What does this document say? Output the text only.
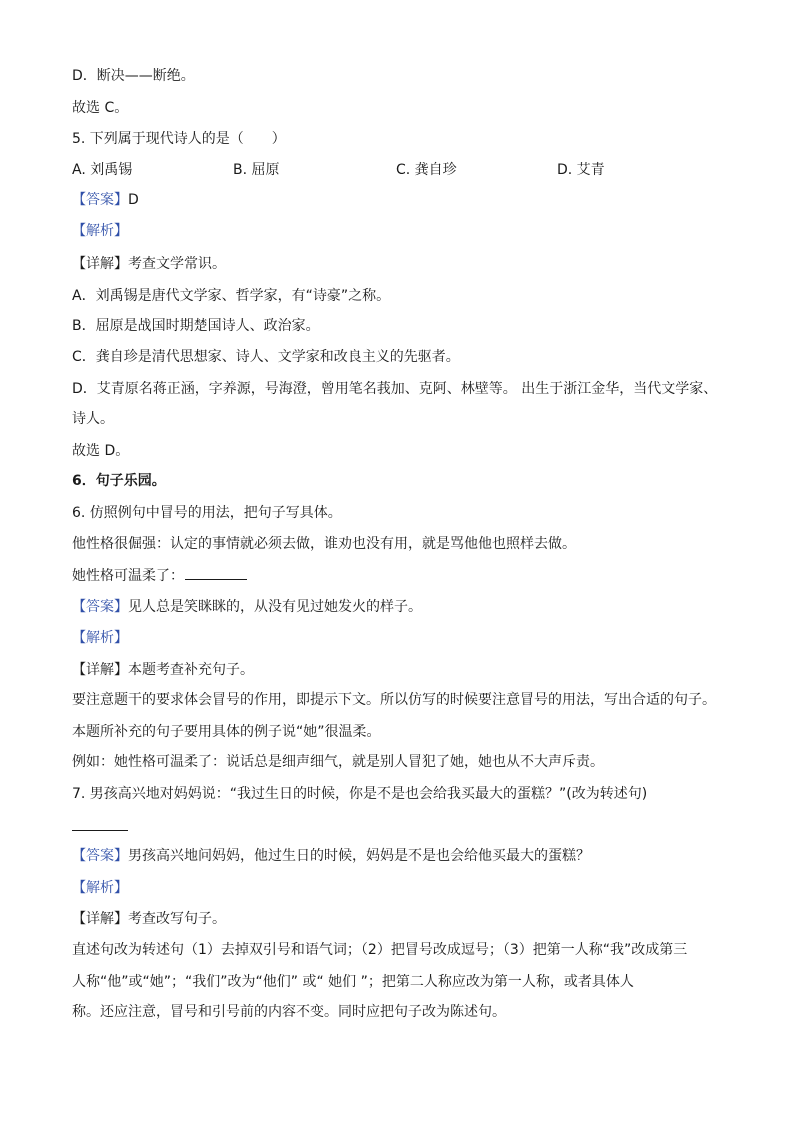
D．断决——断绝。
故选 C。
5. 下列属于现代诗人的是（　　）
A. 刘禹锡	B. 屈原	C. 龚自珍	D. 艾青
【答案】D
【解析】
【详解】考查文学常识。
A．刘禹锡是唐代文学家、哲学家，有“诗豪”之称。
B．屈原是战国时期楚国诗人、政治家。
C．龚自珍是清代思想家、诗人、文学家和改良主义的先驱者。
D．艾青原名蒋正涵，字养源，号海澄，曾用笔名莪加、克阿、林壁等。 出生于浙江金华，当代文学家、
诗人。
故选 D。
6．句子乐园。
6. 仿照例句中冒号的用法，把句子写具体。
他性格很倔强：认定的事情就必须去做，谁劝也没有用，就是骂他他也照样去做。
她性格可温柔了：
【答案】见人总是笑眯眯的，从没有见过她发火的样子。
【解析】
【详解】本题考查补充句子。
要注意题干的要求体会冒号的作用，即提示下文。所以仿写的时候要注意冒号的用法，写出合适的句子。
本题所补充的句子要用具体的例子说“她”很温柔。
例如：她性格可温柔了：说话总是细声细气，就是别人冒犯了她，她也从不大声斥责。
7. 男孩高兴地对妈妈说：“我过生日的时候，你是不是也会给我买最大的蛋糕？”(改为转述句)
【答案】男孩高兴地问妈妈，他过生日的时候，妈妈是不是也会给他买最大的蛋糕？
【解析】
【详解】考查改写句子。
直述句改为转述句（1）去掉双引号和语气词；（2）把冒号改成逗号；（3）把第一人称“我”改成第三
人称“他”或“她”；“我们”改为“他们” 或“ 她们 ”；把第二人称应改为第一人称，或者具体人
称。还应注意，冒号和引号前的内容不变。同时应把句子改为陈述句。
